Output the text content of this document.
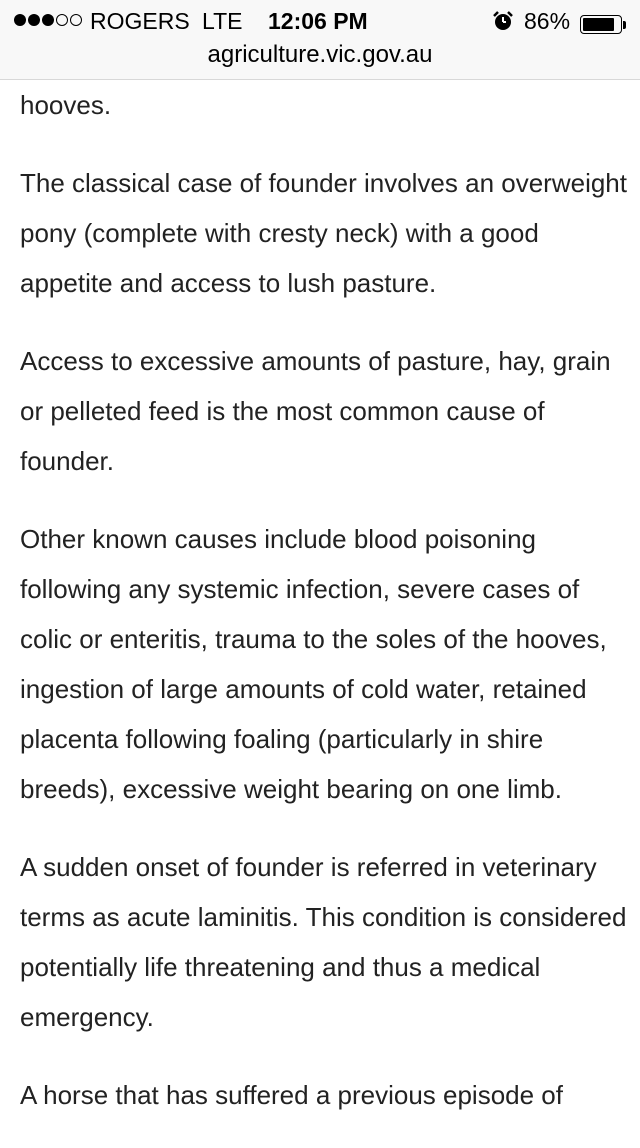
ROGERS LTE 12:06 PM	86%
agriculture.vic.gov.au

hooves.

The classical case of founder involves an overweight pony (complete with cresty neck) with a good appetite and access to lush pasture.

Access to excessive amounts of pasture, hay, grain or pelleted feed is the most common cause of founder.

Other known causes include blood poisoning following any systemic infection, severe cases of colic or enteritis, trauma to the soles of the hooves, ingestion of large amounts of cold water, retained placenta following foaling (particularly in shire breeds), excessive weight bearing on one limb.

A sudden onset of founder is referred in veterinary terms as acute laminitis. This condition is considered potentially life threatening and thus a medical emergency.

A horse that has suffered a previous episode of
